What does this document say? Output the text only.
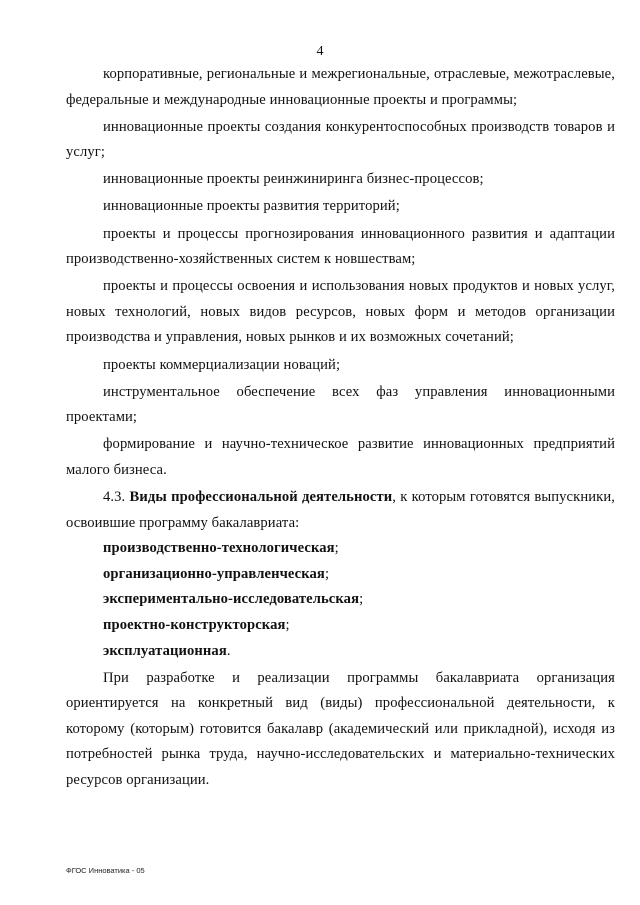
4

корпоративные, региональные и межрегиональные, отраслевые, межотраслевые, федеральные и международные инновационные проекты и программы;

инновационные проекты создания конкурентоспособных производств товаров и услуг;

инновационные проекты реинжиниринга бизнес-процессов;

инновационные проекты развития территорий;

проекты и процессы прогнозирования инновационного развития и адаптации производственно-хозяйственных систем к новшествам;

проекты и процессы освоения и использования новых продуктов и новых услуг, новых технологий, новых видов ресурсов, новых форм и методов организации производства и управления, новых рынков и их возможных сочетаний;

проекты коммерциализации новаций;

инструментальное обеспечение всех фаз управления инновационными проектами;

формирование и научно-техническое развитие инновационных предприятий малого бизнеса.

4.3. Виды профессиональной деятельности, к которым готовятся выпускники, освоившие программу бакалавриата:

производственно-технологическая;

организационно-управленческая;

экспериментально-исследовательская;

проектно-конструкторская;

эксплуатационная.

При разработке и реализации программы бакалавриата организация ориентируется на конкретный вид (виды) профессиональной деятельности, к которому (которым) готовится бакалавр (академический или прикладной), исходя из потребностей рынка труда, научно-исследовательских и материально-технических ресурсов организации.

ФГОС Инноватика - 05
